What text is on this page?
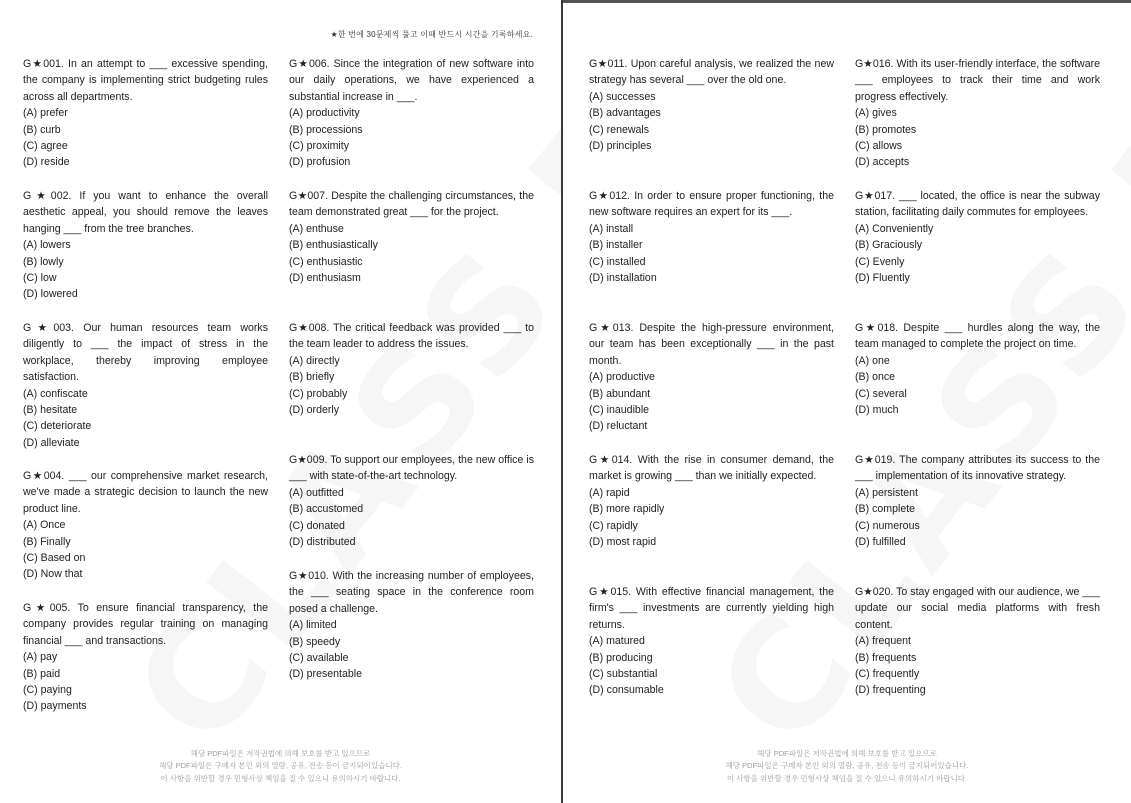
★한 번에 30문제씩 풀고 이때 반드시 시간을 기록하세요.
G★001. In an attempt to ___ excessive spending, the company is implementing strict budgeting rules across all departments.
(A) prefer
(B) curb
(C) agree
(D) reside
G★002. If you want to enhance the overall aesthetic appeal, you should remove the leaves hanging ___ from the tree branches.
(A) lowers
(B) lowly
(C) low
(D) lowered
G★003. Our human resources team works diligently to ___ the impact of stress in the workplace, thereby improving employee satisfaction.
(A) confiscate
(B) hesitate
(C) deteriorate
(D) alleviate
G★004. ___ our comprehensive market research, we've made a strategic decision to launch the new product line.
(A) Once
(B) Finally
(C) Based on
(D) Now that
G★005. To ensure financial transparency, the company provides regular training on managing financial ___ and transactions.
(A) pay
(B) paid
(C) paying
(D) payments
G★006. Since the integration of new software into our daily operations, we have experienced a substantial increase in ___.
(A) productivity
(B) processions
(C) proximity
(D) profusion
G★007. Despite the challenging circumstances, the team demonstrated great ___ for the project.
(A) enthuse
(B) enthusiastically
(C) enthusiastic
(D) enthusiasm
G★008. The critical feedback was provided ___ to the team leader to address the issues.
(A) directly
(B) briefly
(C) probably
(D) orderly
G★009. To support our employees, the new office is ___ with state-of-the-art technology.
(A) outfitted
(B) accustomed
(C) donated
(D) distributed
G★010. With the increasing number of employees, the ___ seating space in the conference room posed a challenge.
(A) limited
(B) speedy
(C) available
(D) presentable
해당 PDF파일은 저작권법에 의해 보호를 받고 있으므로
해당 PDF파일은 구매자 본인 외의 열람, 공유, 전송 등이 금지되어있습니다.
이 사항을 위반할 경우 민형사상 책임을 질 수 있으니 유의하시기 바랍니다.
G★011. Upon careful analysis, we realized the new strategy has several ___ over the old one.
(A) successes
(B) advantages
(C) renewals
(D) principles
G★012. In order to ensure proper functioning, the new software requires an expert for its ___.
(A) install
(B) installer
(C) installed
(D) installation
G★013. Despite the high-pressure environment, our team has been exceptionally ___ in the past month.
(A) productive
(B) abundant
(C) inaudible
(D) reluctant
G★014. With the rise in consumer demand, the market is growing ___ than we initially expected.
(A) rapid
(B) more rapidly
(C) rapidly
(D) most rapid
G★015. With effective financial management, the firm's ___ investments are currently yielding high returns.
(A) matured
(B) producing
(C) substantial
(D) consumable
G★016. With its user-friendly interface, the software ___ employees to track their time and work progress effectively.
(A) gives
(B) promotes
(C) allows
(D) accepts
G★017. ___ located, the office is near the subway station, facilitating daily commutes for employees.
(A) Conveniently
(B) Graciously
(C) Evenly
(D) Fluently
G★018. Despite ___ hurdles along the way, the team managed to complete the project on time.
(A) one
(B) once
(C) several
(D) much
G★019. The company attributes its success to the ___ implementation of its innovative strategy.
(A) persistent
(B) complete
(C) numerous
(D) fulfilled
G★020. To stay engaged with our audience, we ___ update our social media platforms with fresh content.
(A) frequent
(B) frequents
(C) frequently
(D) frequenting
해당 PDF파일은 저작권법에 의해 보호를 받고 있으므로
해당 PDF파일은 구매자 본인 외의 열람, 공유, 전송 등이 금지되어있습니다.
이 사항을 위반할 경우 민형사상 책임을 질 수 있으니 유의하시기 바랍니다.
